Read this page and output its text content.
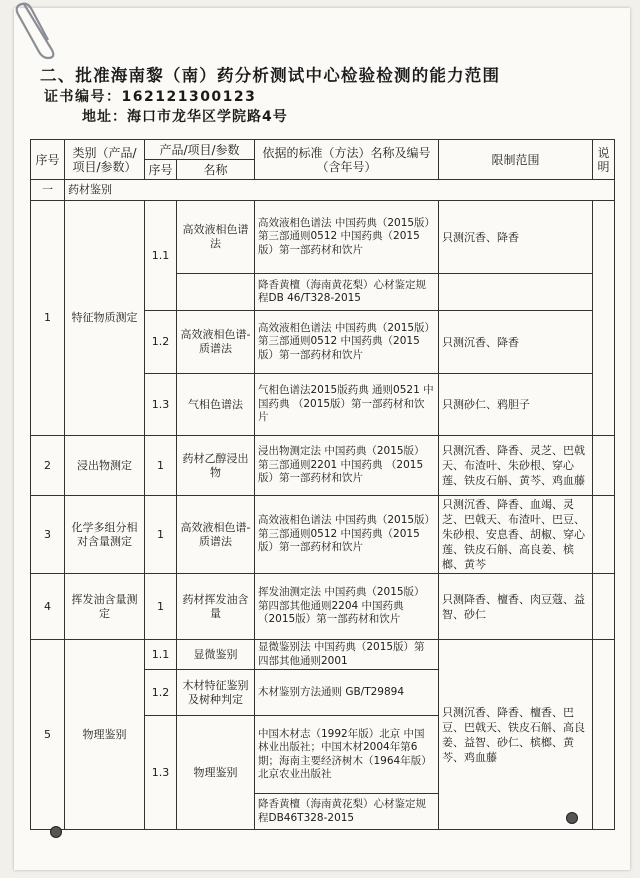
二、批准海南黎（南）药分析测试中心检验检测的能力范围
证书编号：162121300123
地址：海口市龙华区学院路4号
序号	类别（产品/项目/参数）	产品/项目/参数		依据的标准（方法）名称及编号（含年号）	限制范围	说明
		序号	名称			
一	药材鉴别					
1	特征物质测定	1.1	高效液相色谱法	高效液相色谱法 中国药典（2015版）第三部通则0512 中国药典（2015版）第一部药材和饮片	只测沉香、降香	
				降香黄檀（海南黄花梨）心材鉴定规程DB 46/T328-2015		
		1.2	高效液相色谱-质谱法	高效液相色谱法 中国药典（2015版）第三部通则0512 中国药典（2015版）第一部药材和饮片	只测沉香、降香	
		1.3	气相色谱法	气相色谱法2015版药典 通则0521 中国药典 （2015版）第一部药材和饮片	只测砂仁、鸦胆子	
2	浸出物测定	1	药材乙醇浸出物	浸出物测定法 中国药典（2015版）第三部通则2201 中国药典 （2015版）第一部药材和饮片	只测沉香、降香、灵芝、巴戟天、布渣叶、朱砂根、穿心莲、铁皮石斛、黄芩、鸡血藤	
3	化学多组分相对含量测定	1	高效液相色谱-质谱法	高效液相色谱法 中国药典（2015版）第三部通则0512 中国药典（2015版）第一部药材和饮片	只测沉香、降香、血竭、灵芝、巴戟天、布渣叶、巴豆、朱砂根、安息香、胡椒、穿心莲、铁皮石斛、高良姜、槟榔、黄芩	
4	挥发油含量测定	1	药材挥发油含量	挥发油测定法 中国药典（2015版）第四部其他通则2204 中国药典（2015版）第一部药材和饮片	只测降香、檀香、肉豆蔻、益智、砂仁	
5	物理鉴别	1.1	显微鉴别	显微鉴别法 中国药典（2015版）第四部其他通则2001	只测沉香、降香、檀香、巴豆、巴戟天、铁皮石斛、高良姜、益智、砂仁、槟榔、黄芩、鸡血藤	
		1.2	木材特征鉴别及树种判定	木材鉴别方法通则 GB/T29894		
		1.3	物理鉴别	中国木材志（1992年版）北京 中国林业出版社；中国木材2004年第6期；海南主要经济树木（1964年版）北京农业出版社		
				降香黄檀（海南黄花梨）心材鉴定规程DB46T328-2015		
